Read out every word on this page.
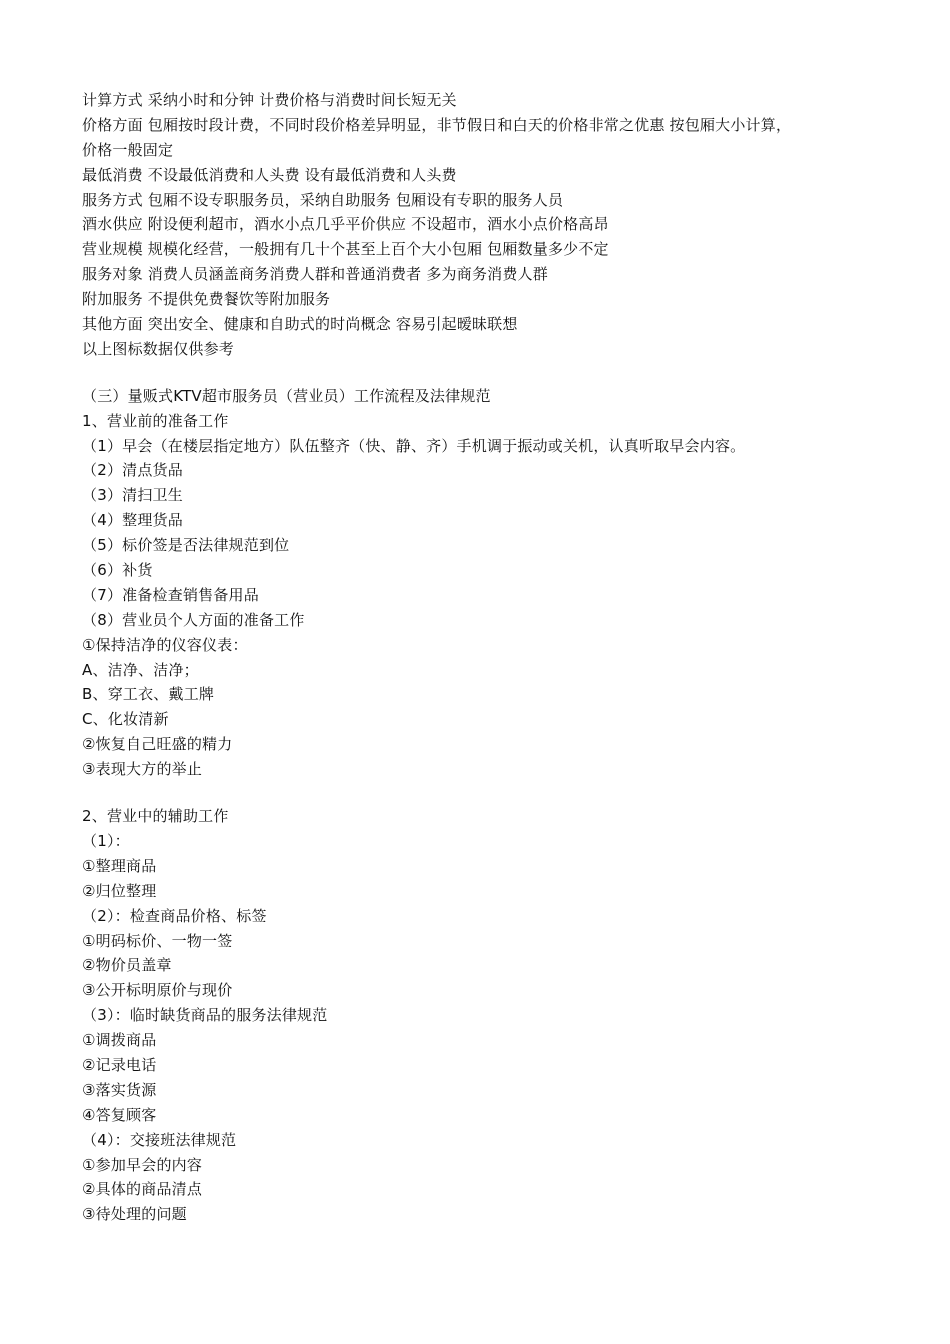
计算方式 采纳小时和分钟 计费价格与消费时间长短无关
价格方面 包厢按时段计费，不同时段价格差异明显，非节假日和白天的价格非常之优惠 按包厢大小计算，
价格一般固定
最低消费 不设最低消费和人头费 设有最低消费和人头费
服务方式 包厢不设专职服务员，采纳自助服务 包厢设有专职的服务人员
酒水供应 附设便利超市，酒水小点几乎平价供应 不设超市，酒水小点价格高昂
营业规模 规模化经营，一般拥有几十个甚至上百个大小包厢 包厢数量多少不定
服务对象 消费人员涵盖商务消费人群和普通消费者 多为商务消费人群
附加服务 不提供免费餐饮等附加服务
其他方面 突出安全、健康和自助式的时尚概念 容易引起暧昧联想
以上图标数据仅供参考
（三）量贩式KTV超市服务员（营业员）工作流程及法律规范
1、营业前的准备工作
（1）早会（在楼层指定地方）队伍整齐（快、静、齐）手机调于振动或关机，认真听取早会内容。
（2）清点货品
（3）清扫卫生
（4）整理货品
（5）标价签是否法律规范到位
（6）补货
（7）准备检查销售备用品
（8）营业员个人方面的准备工作
①保持洁净的仪容仪表：
A、洁净、洁净；
B、穿工衣、戴工牌
C、化妆清新
②恢复自己旺盛的精力
③表现大方的举止
2、营业中的辅助工作
（1）：
①整理商品
②归位整理
（2）：检查商品价格、标签
①明码标价、一物一签
②物价员盖章
③公开标明原价与现价
（3）：临时缺货商品的服务法律规范
①调拨商品
②记录电话
③落实货源
④答复顾客
（4）：交接班法律规范
①参加早会的内容
②具体的商品清点
③待处理的问题
